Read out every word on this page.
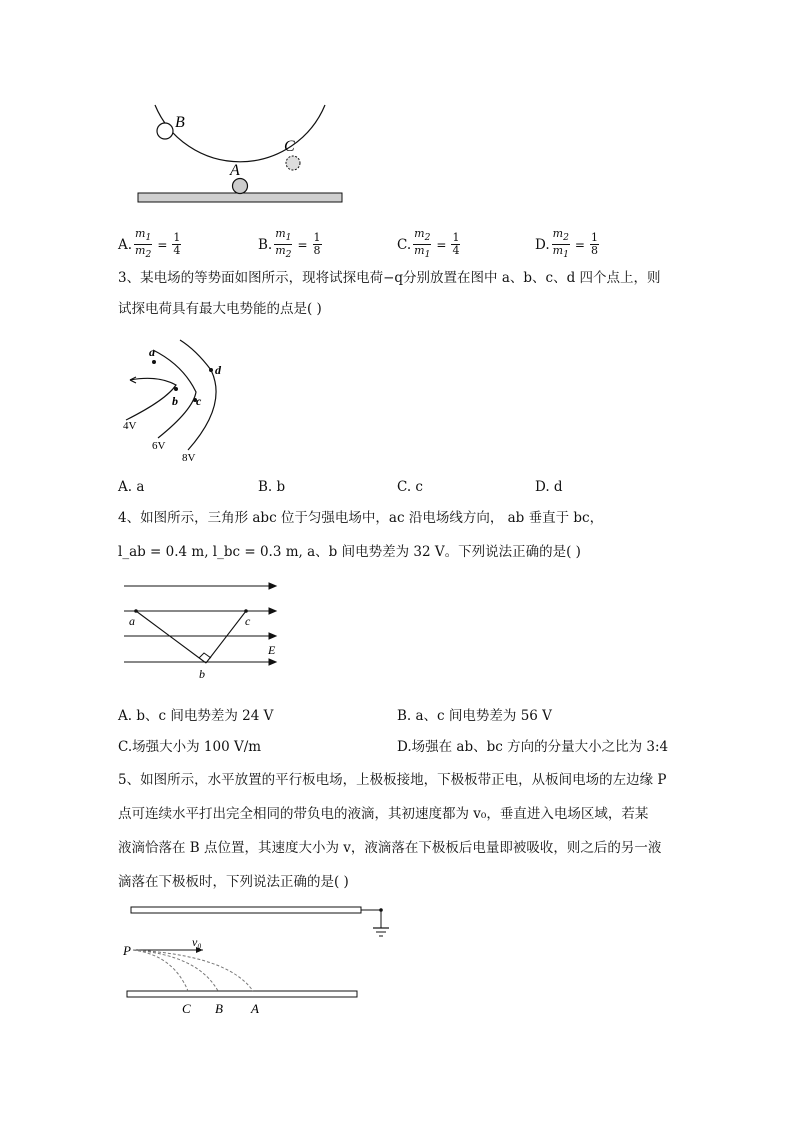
B
C
A
A. $\frac{m_1}{m_2} = \frac{1}{4}$	B. $\frac{m_1}{m_2} = \frac{1}{8}$	C. $\frac{m_2}{m_1} = \frac{1}{4}$	D. $\frac{m_2}{m_1} = \frac{1}{8}$
3、某电场的等势面如图所示，现将试探电荷−q分别放置在图中 a、b、c、d 四个点上，则
试探电荷具有最大电势能的点是( )
a
b c
d
4V
6V
8V
A. a	B. b	C. c	D. d
4、如图所示，三角形 abc 位于匀强电场中，ac 沿电场线方向， ab 垂直于 bc，
l_ab = 0.4 m, l_bc = 0.3 m, a、b 间电势差为 32 V。下列说法正确的是( )
a	c
b
E
A. b、c 间电势差为 24 V	B. a、c 间电势差为 56 V
C.场强大小为 100 V/m	D.场强在 ab、bc 方向的分量大小之比为 3:4
5、如图所示，水平放置的平行板电场，上极板接地，下极板带正电，从板间电场的左边缘 P
点可连续水平打出完全相同的带负电的液滴，其初速度都为 v₀，垂直进入电场区域，若某
液滴恰落在 B 点位置，其速度大小为 v，液滴落在下极板后电量即被吸收，则之后的另一液
滴落在下极板时，下列说法正确的是( )
P
v₀
C B A
